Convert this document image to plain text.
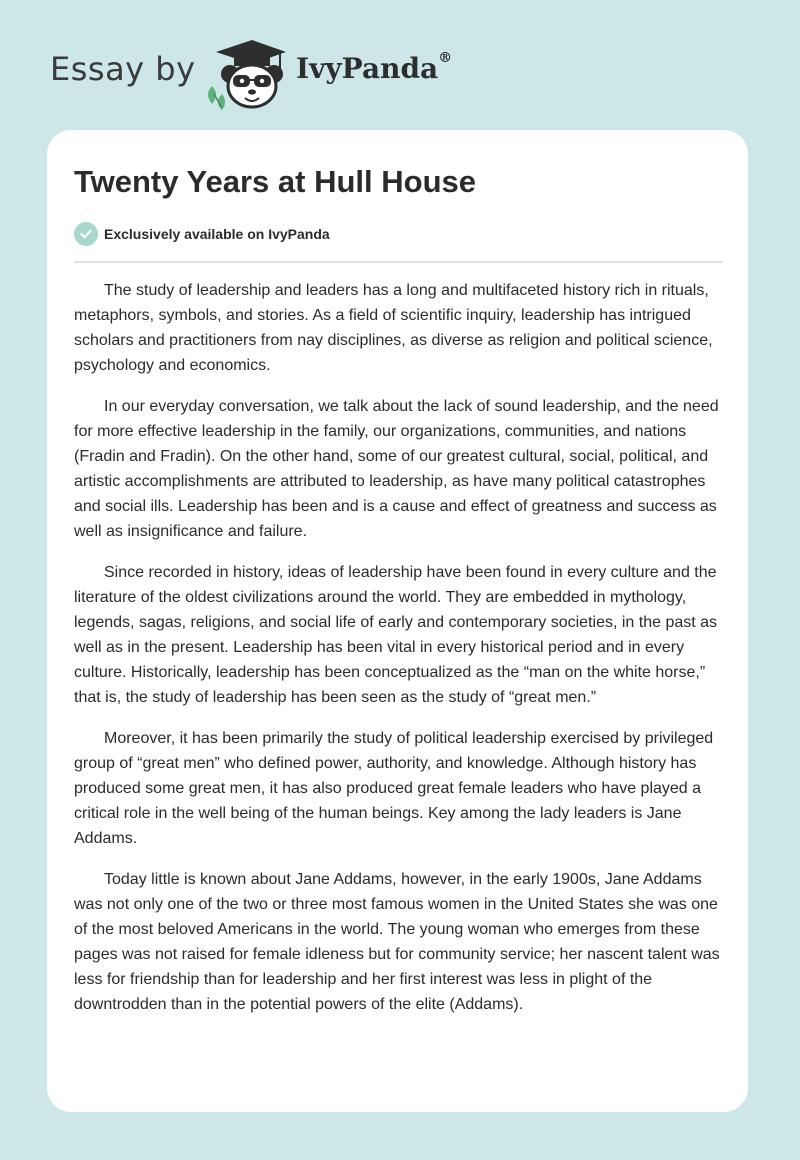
Essay by	IvyPanda®
Twenty Years at Hull House
Exclusively available on IvyPanda

The study of leadership and leaders has a long and multifaceted history rich in rituals, metaphors, symbols, and stories. As a field of scientific inquiry, leadership has intrigued scholars and practitioners from nay disciplines, as diverse as religion and political science, psychology and economics.

In our everyday conversation, we talk about the lack of sound leadership, and the need for more effective leadership in the family, our organizations, communities, and nations (Fradin and Fradin). On the other hand, some of our greatest cultural, social, political, and artistic accomplishments are attributed to leadership, as have many political catastrophes and social ills. Leadership has been and is a cause and effect of greatness and success as well as insignificance and failure.

Since recorded in history, ideas of leadership have been found in every culture and the literature of the oldest civilizations around the world. They are embedded in mythology, legends, sagas, religions, and social life of early and contemporary societies, in the past as well as in the present. Leadership has been vital in every historical period and in every culture. Historically, leadership has been conceptualized as the “man on the white horse,” that is, the study of leadership has been seen as the study of “great men.”

Moreover, it has been primarily the study of political leadership exercised by privileged group of “great men” who defined power, authority, and knowledge. Although history has produced some great men, it has also produced great female leaders who have played a critical role in the well being of the human beings. Key among the lady leaders is Jane Addams.

Today little is known about Jane Addams, however, in the early 1900s, Jane Addams was not only one of the two or three most famous women in the United States she was one of the most beloved Americans in the world. The young woman who emerges from these pages was not raised for female idleness but for community service; her nascent talent was less for friendship than for leadership and her first interest was less in plight of the downtrodden than in the potential powers of the elite (Addams).
